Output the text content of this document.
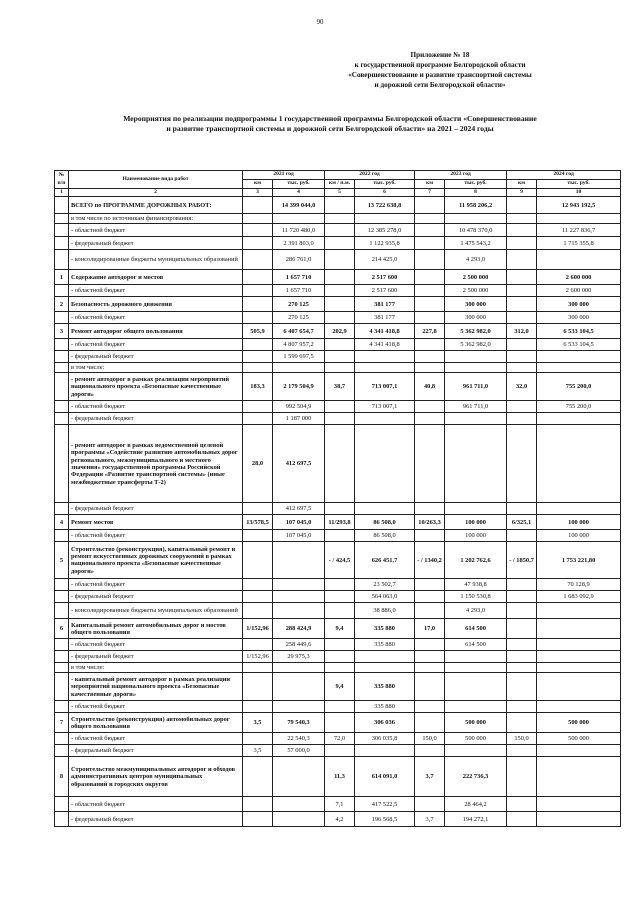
90
Приложение № 18
к государственной программе Белгородской области
«Совершенствование и развитие транспортной системы
и дорожной сети Белгородской области»
Мероприятия по реализации подпрограммы 1 государственной программы Белгородской области «Совершенствование
и развитие транспортной системы и дорожной сети Белгородской области» на 2021 – 2024 годы
№ п/п	Наименование вида работ	2021 год		2022 год		2023 год		2024 год	
		км	тыс. руб.	км / п.м.	тыс. руб.	км	тыс. руб.	км	тыс. руб.
1	2	3	4	5	6	7	8	9	10
	ВСЕГО по ПРОГРАММЕ ДОРОЖНЫХ РАБОТ:		14 399 044,0		13 722 638,8		11 958 206,2		12 943 192,5
	в том числе по источникам финансирования:								
	- областной бюджет		11 720 480,0		12 385 278,0		10 478 370,0		11 227 836,7
	- федеральный бюджет		2 391 803,0		1 122 935,8		1 475 543,2		1 715 355,8
	- консолидированные бюджеты муниципальных образований		286 761,0		214 425,0		4 293,0		
1	Содержание автодорог и мостов		1 657 710		2 517 600		2 500 000		2 600 000
	- областной бюджет		1 657 710		2 517 600		2 500 000		2 600 000
2	Безопасность дорожного движения		270 125		381 177		300 000		300 000
	- областной бюджет		270 125		381 177		300 000		300 000
3	Ремонт автодорог общего пользования	505,9	6 407 654,7	202,9	4 341 418,8	227,8	5 362 982,0	312,0	6 533 104,5
	- областной бюджет		4 807 957,2		4 341 418,8		5 362 982,0		6 533 104,5
	- федеральный бюджет		1 599 697,5						
	в том числе:								
	- ремонт автодорог в рамках реализации мероприятий национального проекта «Безопасные качественные дороги»	183,3	2 179 504,9	38,7	713 007,1	40,8	961 711,0	32,0	755 200,0
	- областной бюджет		992 504,9		713 007,1		961 711,0		755 200,0
	- федеральный бюджет		1 187 000						
	- ремонт автодорог в рамках ведомственной целевой программы «Содействие развитию автомобильных дорог регионального, межмуниципального и местного значения» государственной программы Российской Федерации «Развитие транспортной системы» (иные межбюджетные трансферты Т-2)	28,0	412 697,5						
	- федеральный бюджет		412 697,5						
4	Ремонт мостов	13/578,5	107 045,0	11/293,8	86 508,0	10/263,3	100 000	6/325,1	100 000
	- областной бюджет		107 045,0		86 508,0		100 000		100 000
5	Строительство (реконструкция), капитальный ремонт и ремонт искусственных дорожных сооружений в рамках национального проекта «Безопасные качественные дороги»			- / 424,5	626 451,7	- / 1340,2	1 202 762,6	- / 1850,7	1 753 221,80
	- областной бюджет				23 502,7		47 938,8		70 128,9
	- федеральный бюджет				564 063,0		1 150 530,8		1 683 092,9
	- консолидированные бюджеты муниципальных образований				38 886,0		4 293,0		
6	Капитальный ремонт автомобильных дорог и мостов общего пользования	1/152,96	288 424,9	9,4	335 880	17,0	614 500		
	- областной бюджет		258 449,6		335 880		614 500		
	- федеральный бюджет	1/152,96	29 975,3						
	в том числе:								
	- капитальный ремонт автодорог в рамках реализации мероприятий национального проекта «Безопасные качественные дороги»			9,4	335 880				
	- областной бюджет				335 880				
7	Строительство (реконструкция) автомобильных дорог общего пользования	3,5	79 540,3		306 036		500 000		500 000
	- областной бюджет		22 540,3	72,0	306 035,8	150,0	500 000	150,0	500 000
	- федеральный бюджет	3,5	57 000,0						
8	Строительство межмуниципальных автодорог и обходов административных центров муниципальных образований и городских округов			11,3	614 091,0	3,7	222 736,3		
	- областной бюджет			7,1	417 522,5		28 464,2		
	- федеральный бюджет			4,2	196 568,5	3,7	194 272,1		
